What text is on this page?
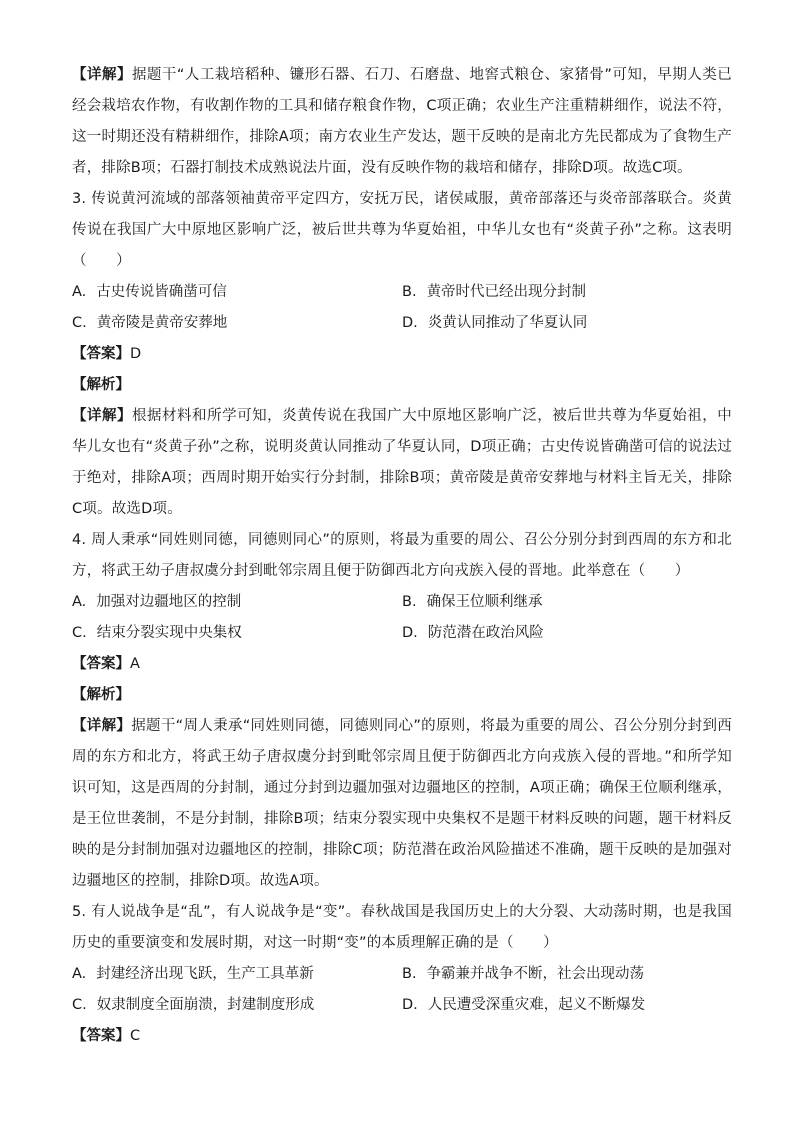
【详解】据题干“人工栽培稻种、镰形石器、石刀、石磨盘、地窖式粮仓、家猪骨”可知，早期人类已经会栽培农作物，有收割作物的工具和储存粮食作物，C项正确；农业生产注重精耕细作，说法不符，这一时期还没有精耕细作，排除A项；南方农业生产发达，题干反映的是南北方先民都成为了食物生产者，排除B项；石器打制技术成熟说法片面，没有反映作物的栽培和储存，排除D项。故选C项。

3. 传说黄河流域的部落领袖黄帝平定四方，安抚万民，诸侯咸服，黄帝部落还与炎帝部落联合。炎黄传说在我国广大中原地区影响广泛，被后世共尊为华夏始祖，中华儿女也有“炎黄子孙”之称。这表明（　　）

A. 古史传说皆确凿可信	B. 黄帝时代已经出现分封制
C. 黄帝陵是黄帝安葬地	D. 炎黄认同推动了华夏认同
【答案】D
【解析】

【详解】根据材料和所学可知，炎黄传说在我国广大中原地区影响广泛，被后世共尊为华夏始祖，中华儿女也有“炎黄子孙”之称，说明炎黄认同推动了华夏认同，D项正确；古史传说皆确凿可信的说法过于绝对，排除A项；西周时期开始实行分封制，排除B项；黄帝陵是黄帝安葬地与材料主旨无关，排除C项。故选D项。

4. 周人秉承“同姓则同德，同德则同心”的原则，将最为重要的周公、召公分别分封到西周的东方和北方，将武王幼子唐叔虞分封到毗邻宗周且便于防御西北方向戎族入侵的晋地。此举意在（　　）

A. 加强对边疆地区的控制	B. 确保王位顺利继承
C. 结束分裂实现中央集权	D. 防范潜在政治风险
【答案】A
【解析】

【详解】据题干“周人秉承“同姓则同德，同德则同心”的原则，将最为重要的周公、召公分别分封到西周的东方和北方，将武王幼子唐叔虞分封到毗邻宗周且便于防御西北方向戎族入侵的晋地。”和所学知识可知，这是西周的分封制，通过分封到边疆加强对边疆地区的控制，A项正确；确保王位顺利继承，是王位世袭制，不是分封制，排除B项；结束分裂实现中央集权不是题干材料反映的问题，题干材料反映的是分封制加强对边疆地区的控制，排除C项；防范潜在政治风险描述不准确，题干反映的是加强对边疆地区的控制，排除D项。故选A项。

5. 有人说战争是“乱”，有人说战争是“变”。春秋战国是我国历史上的大分裂、大动荡时期，也是我国历史的重要演变和发展时期，对这一时期“变”的本质理解正确的是（　　）

A. 封建经济出现飞跃，生产工具革新	B. 争霸兼并战争不断，社会出现动荡
C. 奴隶制度全面崩溃，封建制度形成	D. 人民遭受深重灾难，起义不断爆发
【答案】C
